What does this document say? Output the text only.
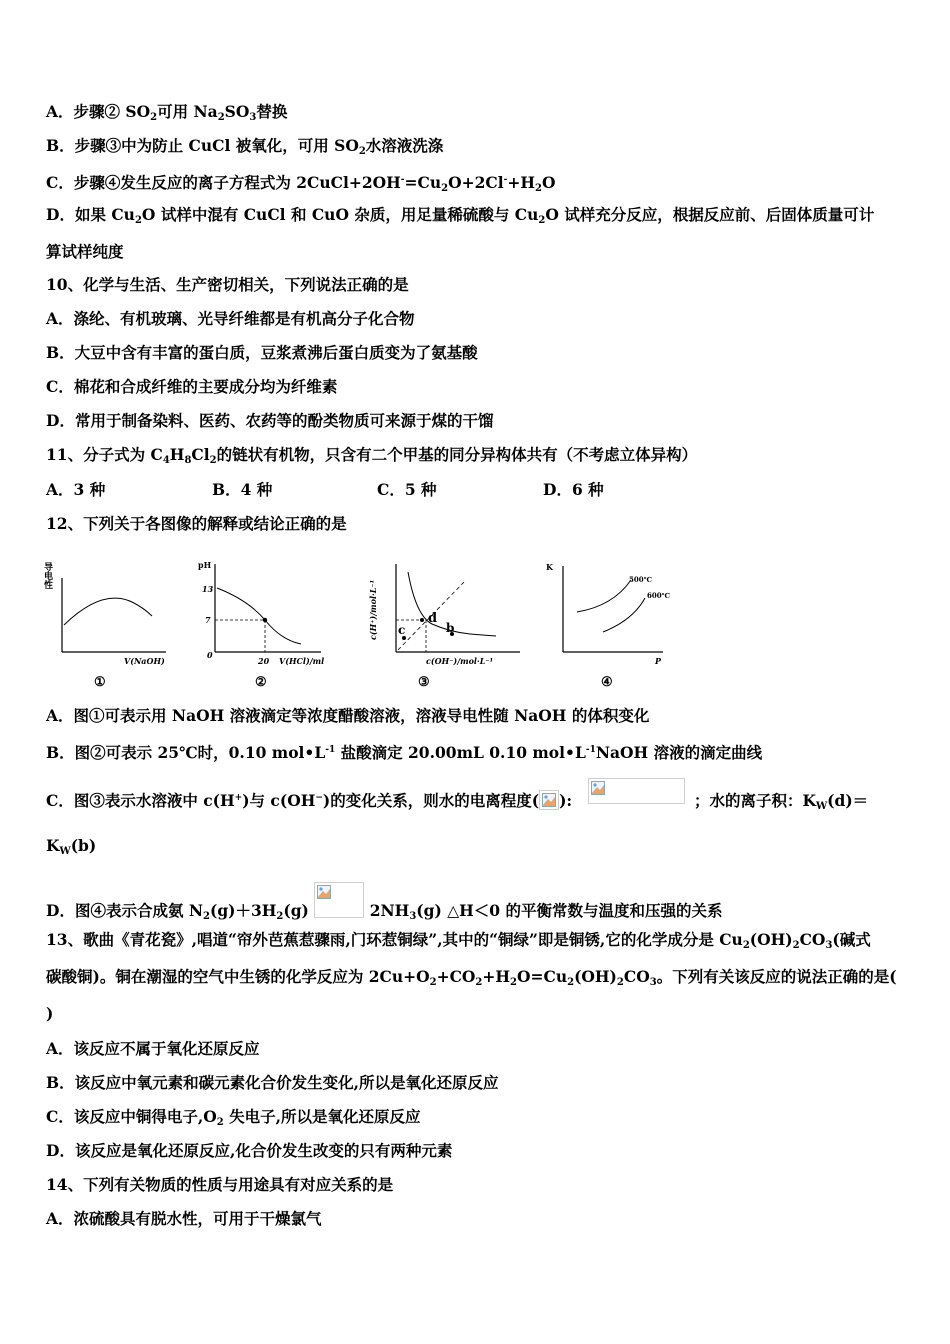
A．步骤② $SO_2$可用 $Na_2SO_3$替换
B．步骤③中为防止 CuCl 被氧化，可用 $SO_2$水溶液洗涤
C．步骤④发生反应的离子方程式为 $2CuCl+2OH^-=Cu_2O+2Cl^-+H_2O$
D．如果 $Cu_2O$ 试样中混有 CuCl 和 CuO 杂质，用足量稀硫酸与 $Cu_2O$ 试样充分反应，根据反应前、后固体质量可计
算试样纯度
10、化学与生活、生产密切相关，下列说法正确的是
A．涤纶、有机玻璃、光导纤维都是有机高分子化合物
B．大豆中含有丰富的蛋白质，豆浆煮沸后蛋白质变为了氨基酸
C．棉花和合成纤维的主要成分均为纤维素
D．常用于制备染料、医药、农药等的酚类物质可来源于煤的干馏
11、分子式为 $C_4H_8Cl_2$的链状有机物，只含有二个甲基的同分异构体共有（不考虑立体异构）
A．3 种	B．4 种	C．5 种	D．6 种
12、下列关于各图像的解释或结论正确的是
导电性
V(NaOH)
①
pH
13
7
0
20 V(HCl)/ml
②
c
d
b
c(H⁺)/mol·L⁻¹
c(OH⁻)/mol·L⁻¹
③
K
500℃
600℃
P
④
A．图①可表示用 NaOH 溶液滴定等浓度醋酸溶液，溶液导电性随 NaOH 的体积变化
B．图②可表示 25℃时，0.10 $mol•L^{-1}$ 盐酸滴定 20.00mL 0.10 $mol•L^{-1}NaOH$ 溶液的滴定曲线
C．图③表示水溶液中 c(H+)与 c(OH−)的变化关系，则水的电离程度( ):	；水的离子积：$K_W(d)=$
$K_W(b)$
D．图④表示合成氨 $N_2(g)+3H_2(g)$	$2NH_3(g)$ △H＜0 的平衡常数与温度和压强的关系
13、歌曲《青花瓷》,唱道“帘外芭蕉惹骤雨,门环惹铜绿”,其中的“铜绿”即是铜锈,它的化学成分是 $Cu_2(OH)_2CO_3$(碱式
碳酸铜)。铜在潮湿的空气中生锈的化学反应为 $2Cu+O_2+CO_2+H_2O=Cu_2(OH)_2CO_3$。下列有关该反应的说法正确的是(
)
A．该反应不属于氧化还原反应
B．该反应中氧元素和碳元素化合价发生变化,所以是氧化还原反应
C．该反应中铜得电子$,O_2$ 失电子,所以是氧化还原反应
D．该反应是氧化还原反应,化合价发生改变的只有两种元素
14、下列有关物质的性质与用途具有对应关系的是
A．浓硫酸具有脱水性，可用于干燥氯气
